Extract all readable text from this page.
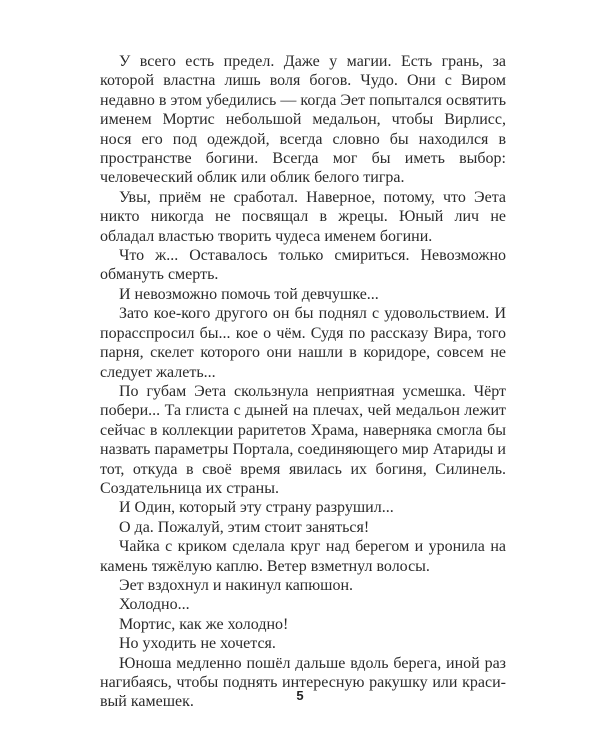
У всего есть предел. Даже у магии. Есть грань, за которой властна лишь воля богов. Чудо. Они с Виром недавно в этом убедились — когда Эет попытался освятить именем Мортис небольшой медальон, чтобы Вирлисс, нося его под одеждой, всегда словно бы находился в пространстве богини. Всегда мог бы иметь выбор: человеческий облик или облик белого тигра.

Увы, приём не сработал. Наверное, потому, что Эета никто никогда не посвящал в жрецы. Юный лич не обладал властью творить чудеса именем богини.

Что ж... Оставалось только смириться. Невозможно обмануть смерть.

И невозможно помочь той девчушке...

Зато кое-кого другого он бы поднял с удовольствием. И порасспросил бы... кое о чём. Судя по рассказу Вира, того парня, скелет которого они нашли в коридоре, совсем не следует жалеть...

По губам Эета скользнула неприятная усмешка. Чёрт побери... Та глиста с дыней на плечах, чей медальон лежит сейчас в коллекции раритетов Храма, наверняка смогла бы назвать параметры Портала, соединяющего мир Атариды и тот, откуда в своё время явилась их богиня, Силинель. Создательница их страны.

И Один, который эту страну разрушил...

О да. Пожалуй, этим стоит заняться!

Чайка с криком сделала круг над берегом и уронила на камень тяжёлую каплю. Ветер взметнул волосы.

Эет вздохнул и накинул капюшон.

Холодно...

Мортис, как же холодно!

Но уходить не хочется.

Юноша медленно пошёл дальше вдоль берега, иной раз нагибаясь, чтобы поднять интересную ракушку или красивый камешек.	5
